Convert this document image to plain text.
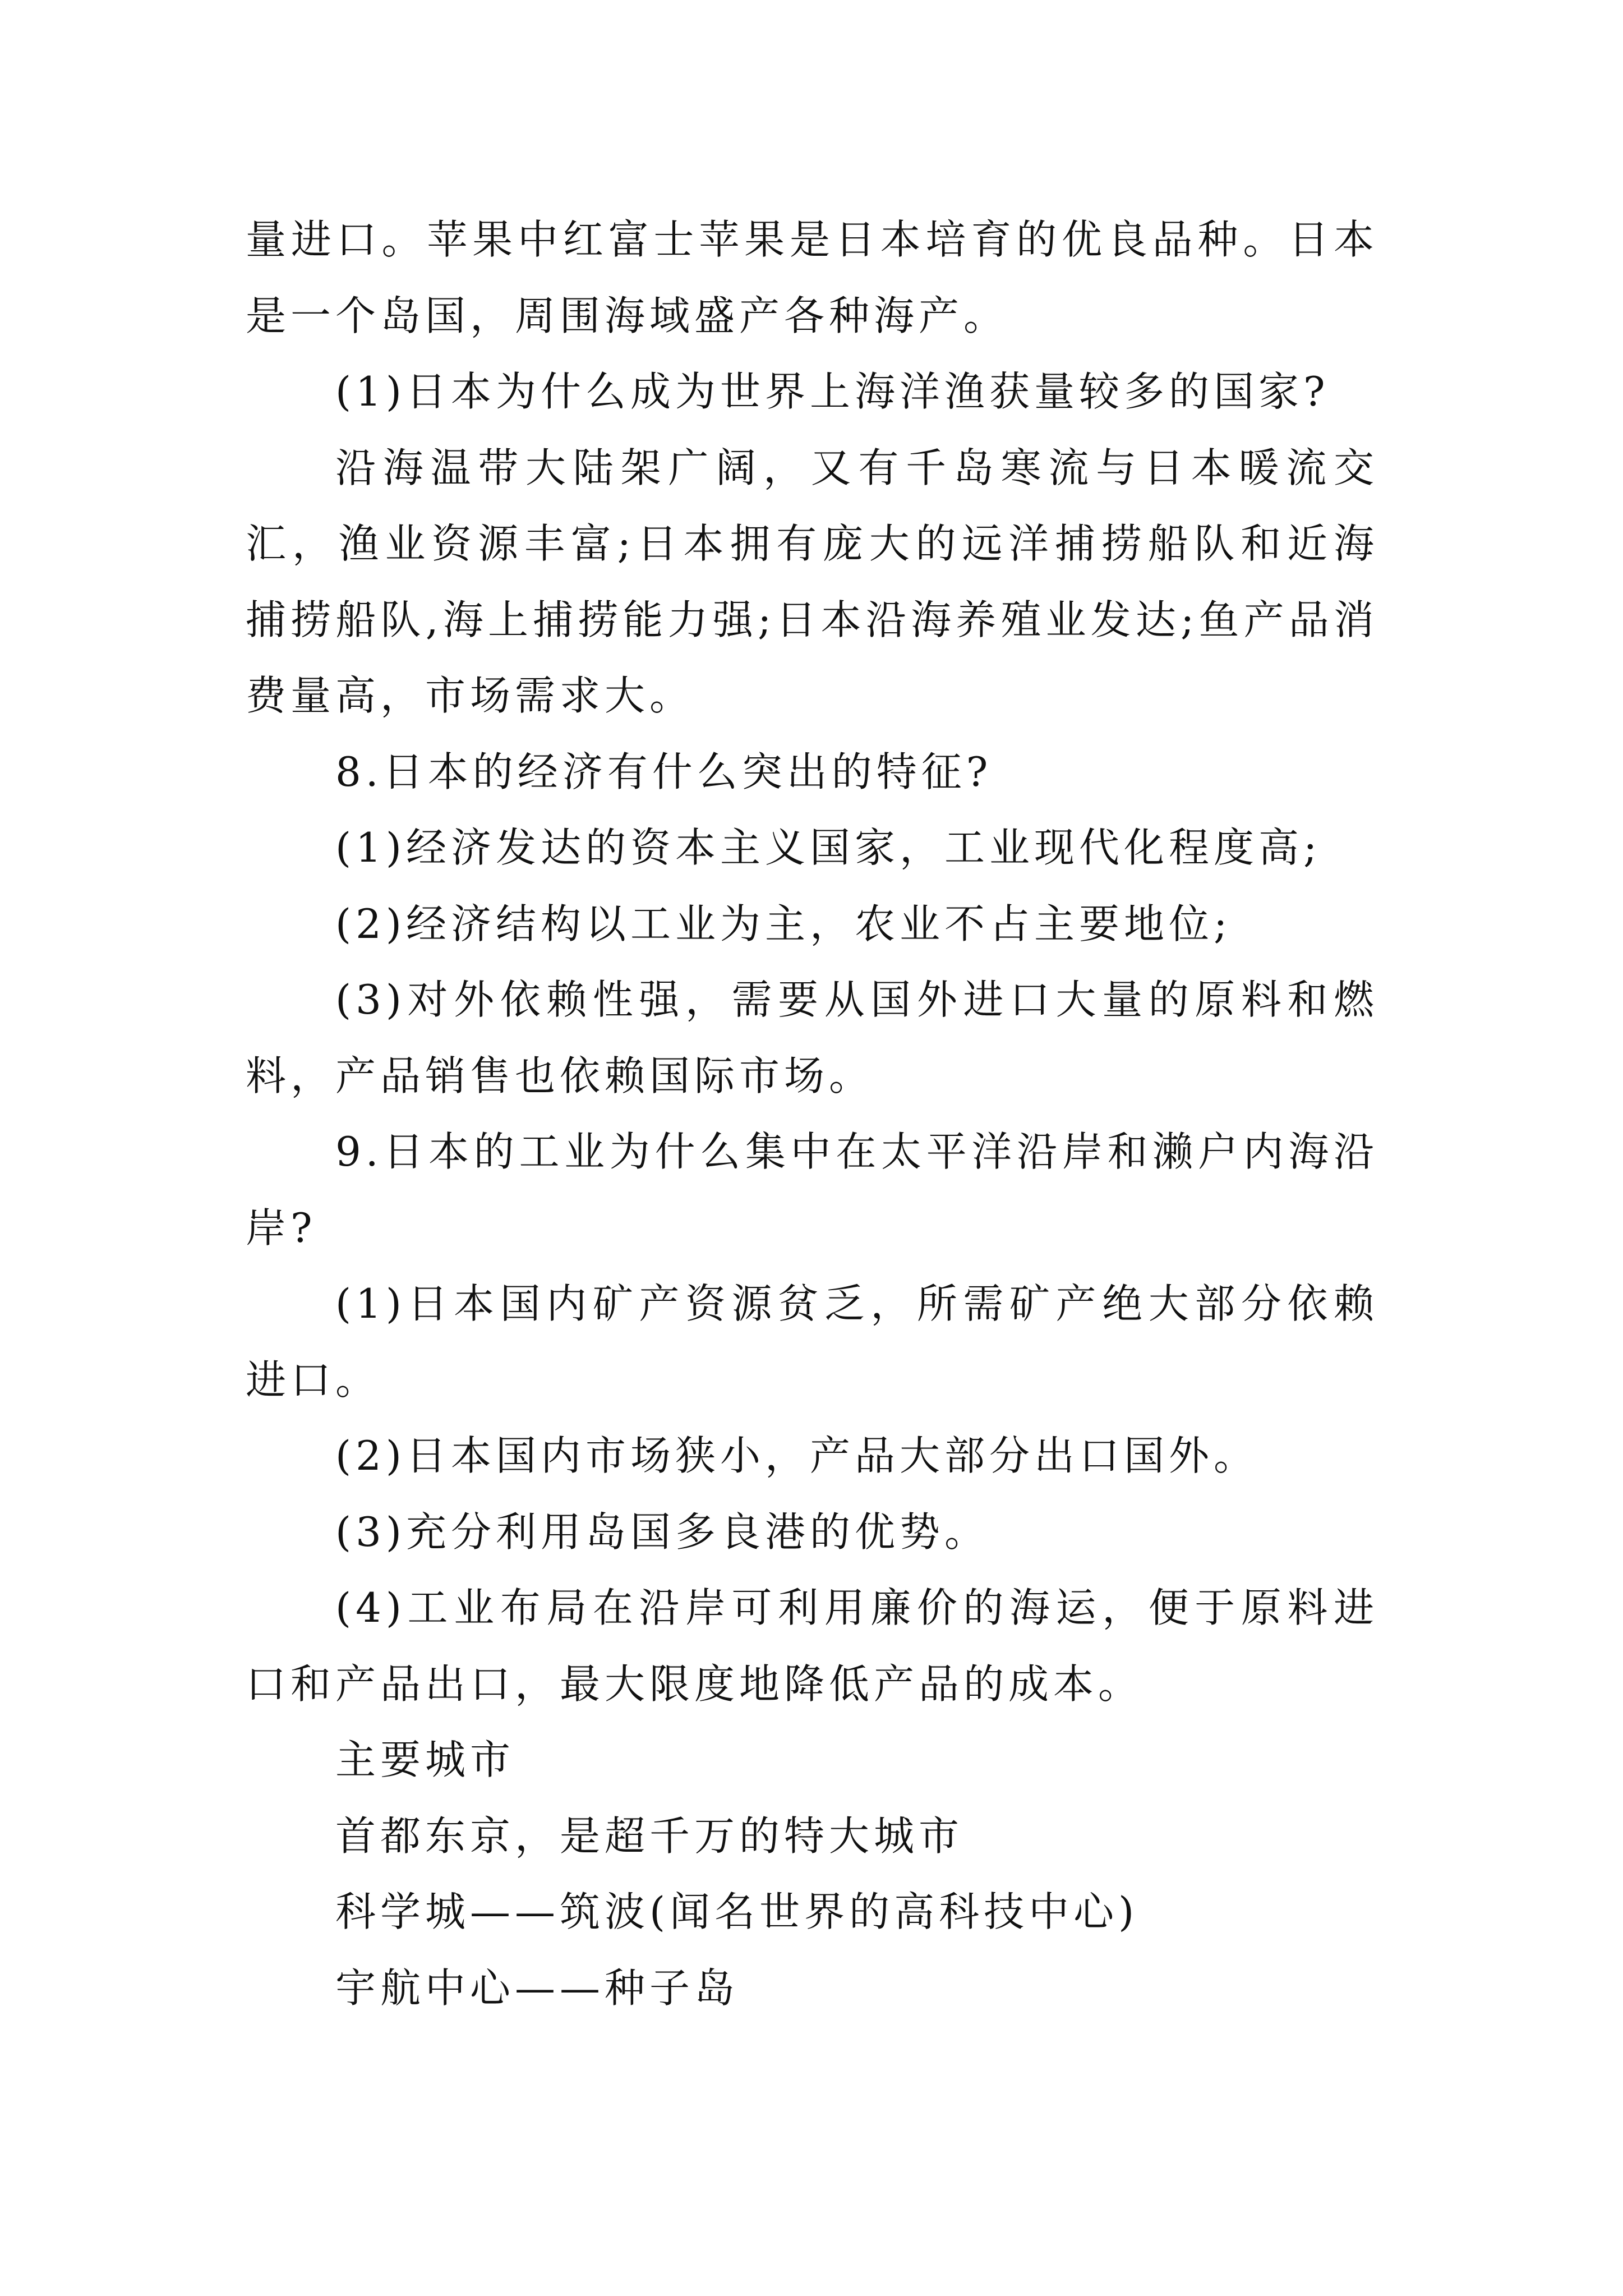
量进口。苹果中红富士苹果是日本培育的优良品种。日本是一个岛国，周围海域盛产各种海产。

(1)日本为什么成为世界上海洋渔获量较多的国家?

沿海温带大陆架广阔，又有千岛寒流与日本暖流交汇，渔业资源丰富;日本拥有庞大的远洋捕捞船队和近海捕捞船队,海上捕捞能力强;日本沿海养殖业发达;鱼产品消费量高，市场需求大。

8.日本的经济有什么突出的特征?

(1)经济发达的资本主义国家，工业现代化程度高;

(2)经济结构以工业为主，农业不占主要地位;

(3)对外依赖性强，需要从国外进口大量的原料和燃料，产品销售也依赖国际市场。

9.日本的工业为什么集中在太平洋沿岸和濑户内海沿岸?

(1)日本国内矿产资源贫乏，所需矿产绝大部分依赖进口。

(2)日本国内市场狭小，产品大部分出口国外。

(3)充分利用岛国多良港的优势。

(4)工业布局在沿岸可利用廉价的海运，便于原料进口和产品出口，最大限度地降低产品的成本。

主要城市

首都东京，是超千万的特大城市

科学城——筑波(闻名世界的高科技中心)

宇航中心——种子岛
